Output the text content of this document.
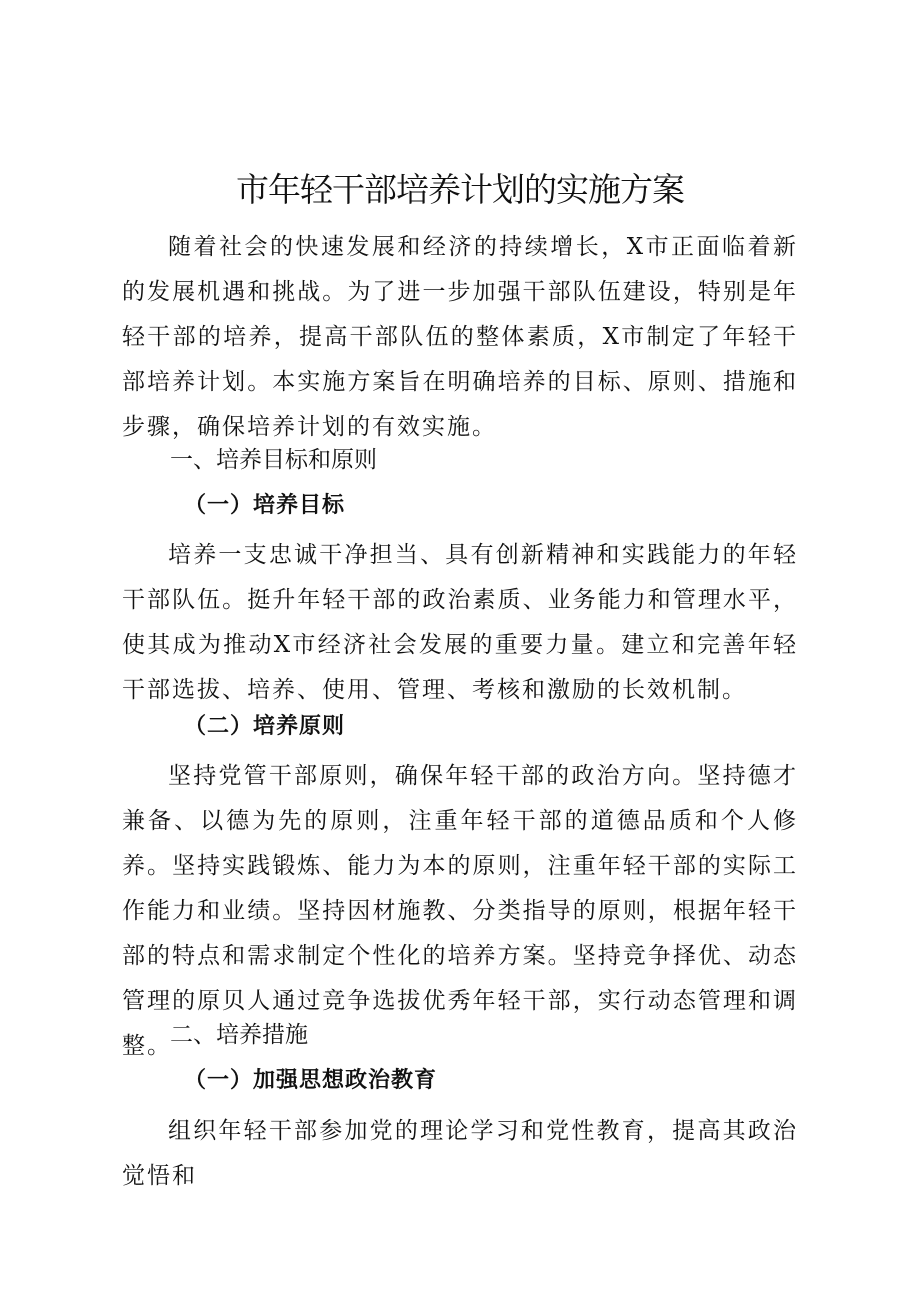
市年轻干部培养计划的实施方案

随着社会的快速发展和经济的持续增长，X市正面临着新的发展机遇和挑战。为了进一步加强干部队伍建设，特别是年轻干部的培养，提高干部队伍的整体素质，X市制定了年轻干部培养计划。本实施方案旨在明确培养的目标、原则、措施和步骤，确保培养计划的有效实施。

一、培养目标和原则
（一）培养目标

培养一支忠诚干净担当、具有创新精神和实践能力的年轻干部队伍。挺升年轻干部的政治素质、业务能力和管理水平，使其成为推动X市经济社会发展的重要力量。建立和完善年轻干部选拔、培养、使用、管理、考核和激励的长效机制。

（二）培养原则

坚持党管干部原则，确保年轻干部的政治方向。坚持德才兼备、以德为先的原则，注重年轻干部的道德品质和个人修养。坚持实践锻炼、能力为本的原则，注重年轻干部的实际工作能力和业绩。坚持因材施教、分类指导的原则，根据年轻干部的特点和需求制定个性化的培养方案。坚持竞争择优、动态管理的原贝人通过竞争选拔优秀年轻干部，实行动态管理和调整。

二、培养措施
（一）加强思想政治教育

组织年轻干部参加党的理论学习和党性教育，提高其政治觉悟和
